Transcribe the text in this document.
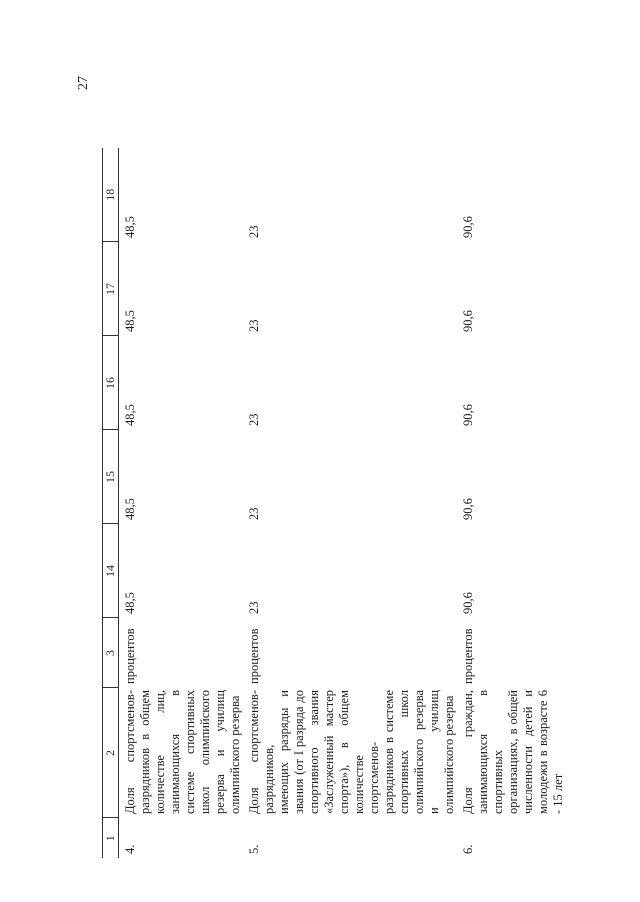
27
1	2	3	14	15	16	17	18
4.	Доля спортсменов-разрядников в общем количестве лиц, занимающихся в системе спортивных школ олимпийского резерва и училищ олимпийского резерва	процентов	48,5	48,5	48,5	48,5	48,5
5.	Доля спортсменов-разрядников, имеющих разряды и звания (от I разряда до спортивного звания «Заслуженный мастер спорта»), в общем количестве спортсменов-разрядников в системе спортивных школ олимпийского резерва и училищ олимпийского резерва	процентов	23	23	23	23	23
6.	Доля граждан, занимающихся в спортивных организациях, в общей численности детей и молодежи в возрасте 6 - 15 лет	процентов	90,6	90,6	90,6	90,6	90,6
